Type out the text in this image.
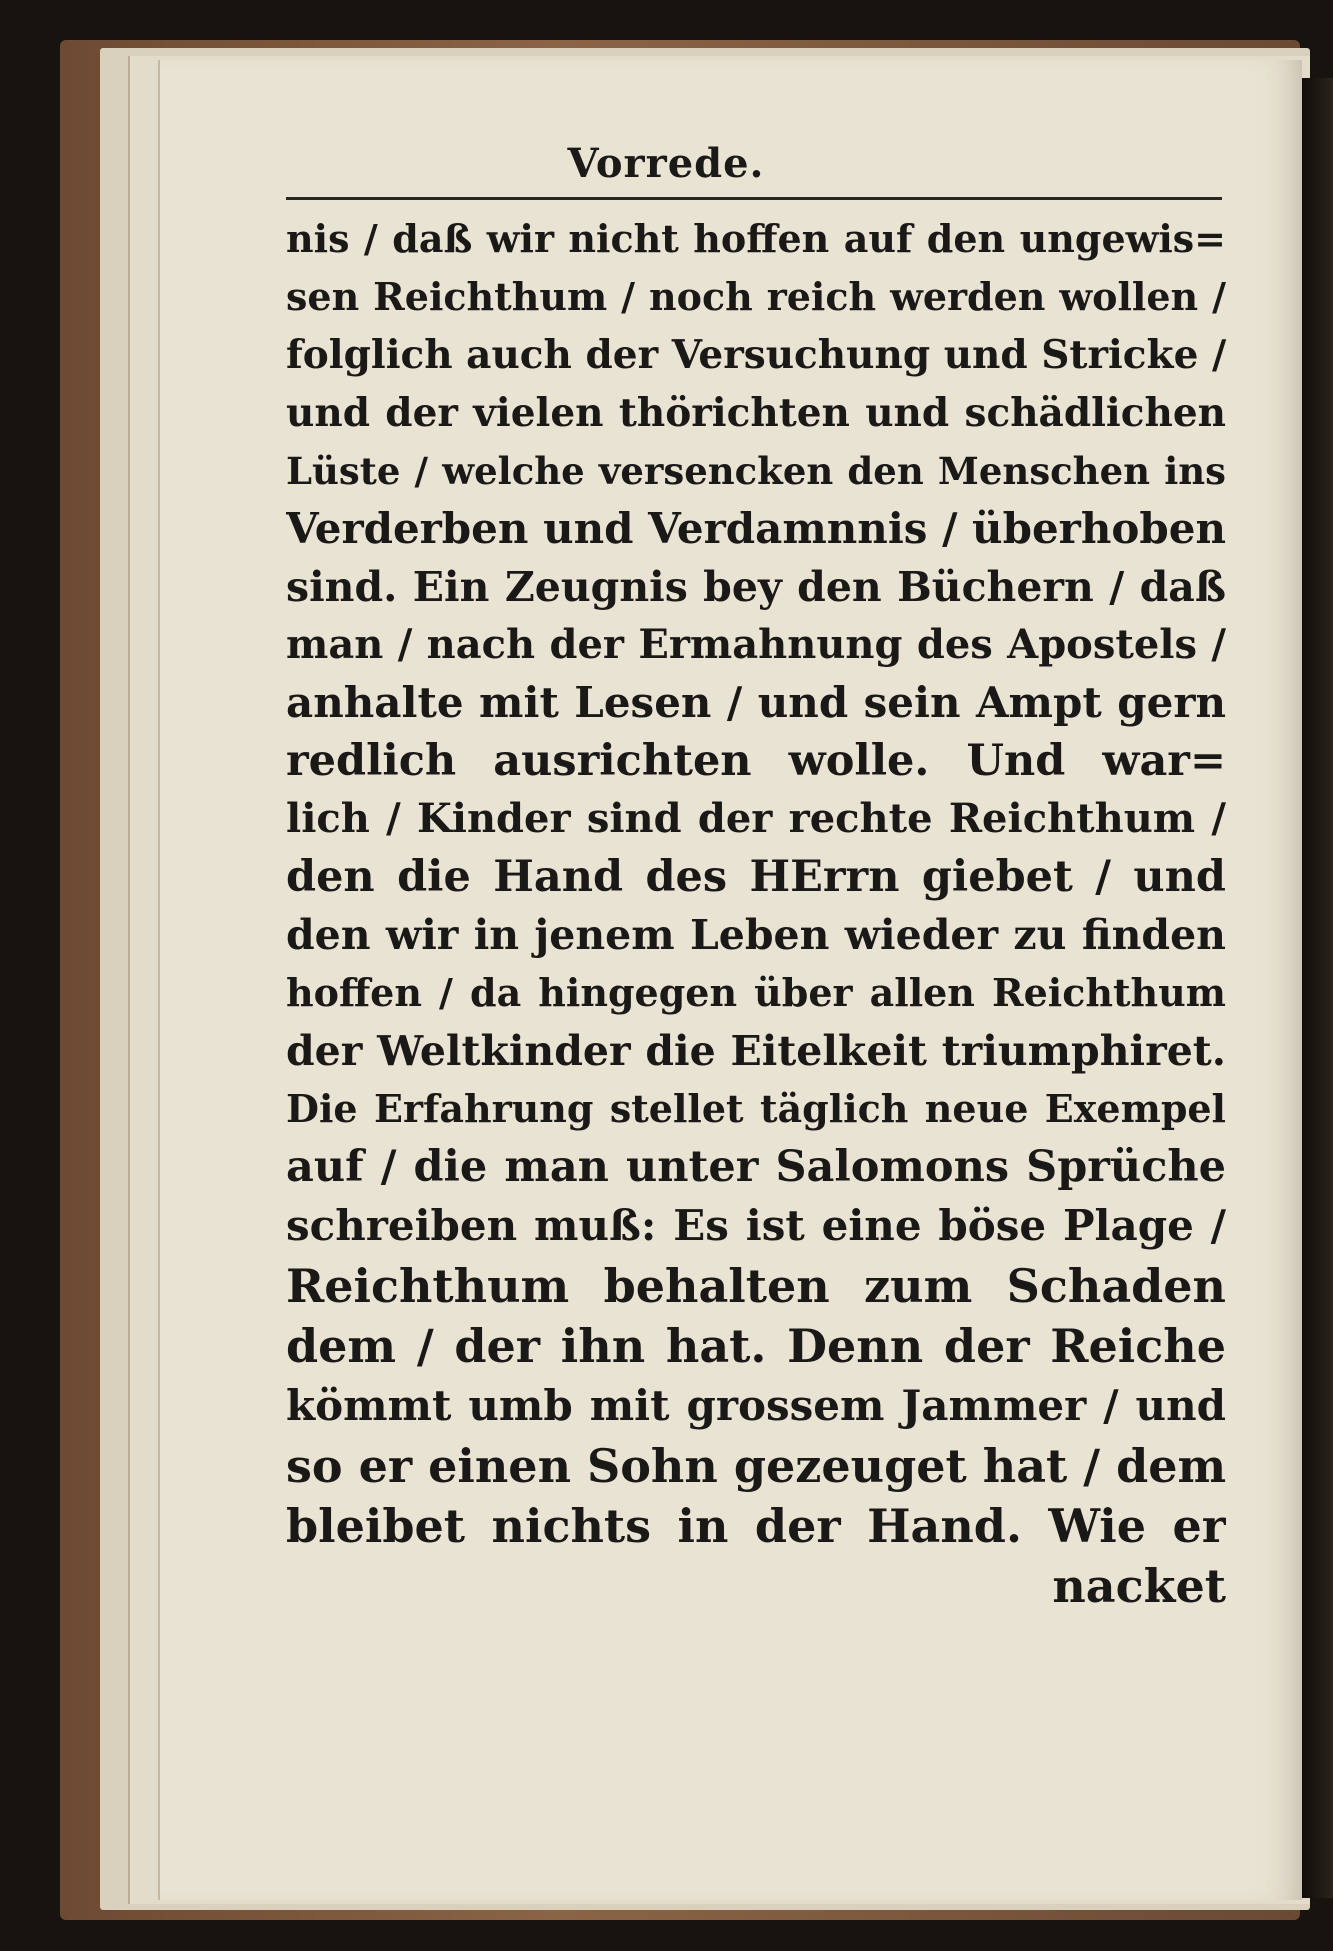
Vorrede.
nis / daß wir nicht hoffen auf den ungewis=
sen Reichthum / noch reich werden wollen /
folglich auch der Versuchung und Stricke /
und der vielen thörichten und schädlichen
Lüste / welche versencken den Menschen ins
Verderben und Verdamnnis / überhoben
sind. Ein Zeugnis bey den Büchern / daß
man / nach der Ermahnung des Apostels /
anhalte mit Lesen / und sein Ampt gern
redlich ausrichten wolle. Und war=
lich / Kinder sind der rechte Reichthum /
den die Hand des HErrn giebet / und
den wir in jenem Leben wieder zu finden
hoffen / da hingegen über allen Reichthum
der Weltkinder die Eitelkeit triumphiret.
Die Erfahrung stellet täglich neue Exempel
auf / die man unter Salomons Sprüche
schreiben muß: Es ist eine böse Plage /
Reichthum behalten zum Schaden
dem / der ihn hat. Denn der Reiche
kömmt umb mit grossem Jammer / und
so er einen Sohn gezeuget hat / dem
bleibet nichts in der Hand. Wie er
nacket
